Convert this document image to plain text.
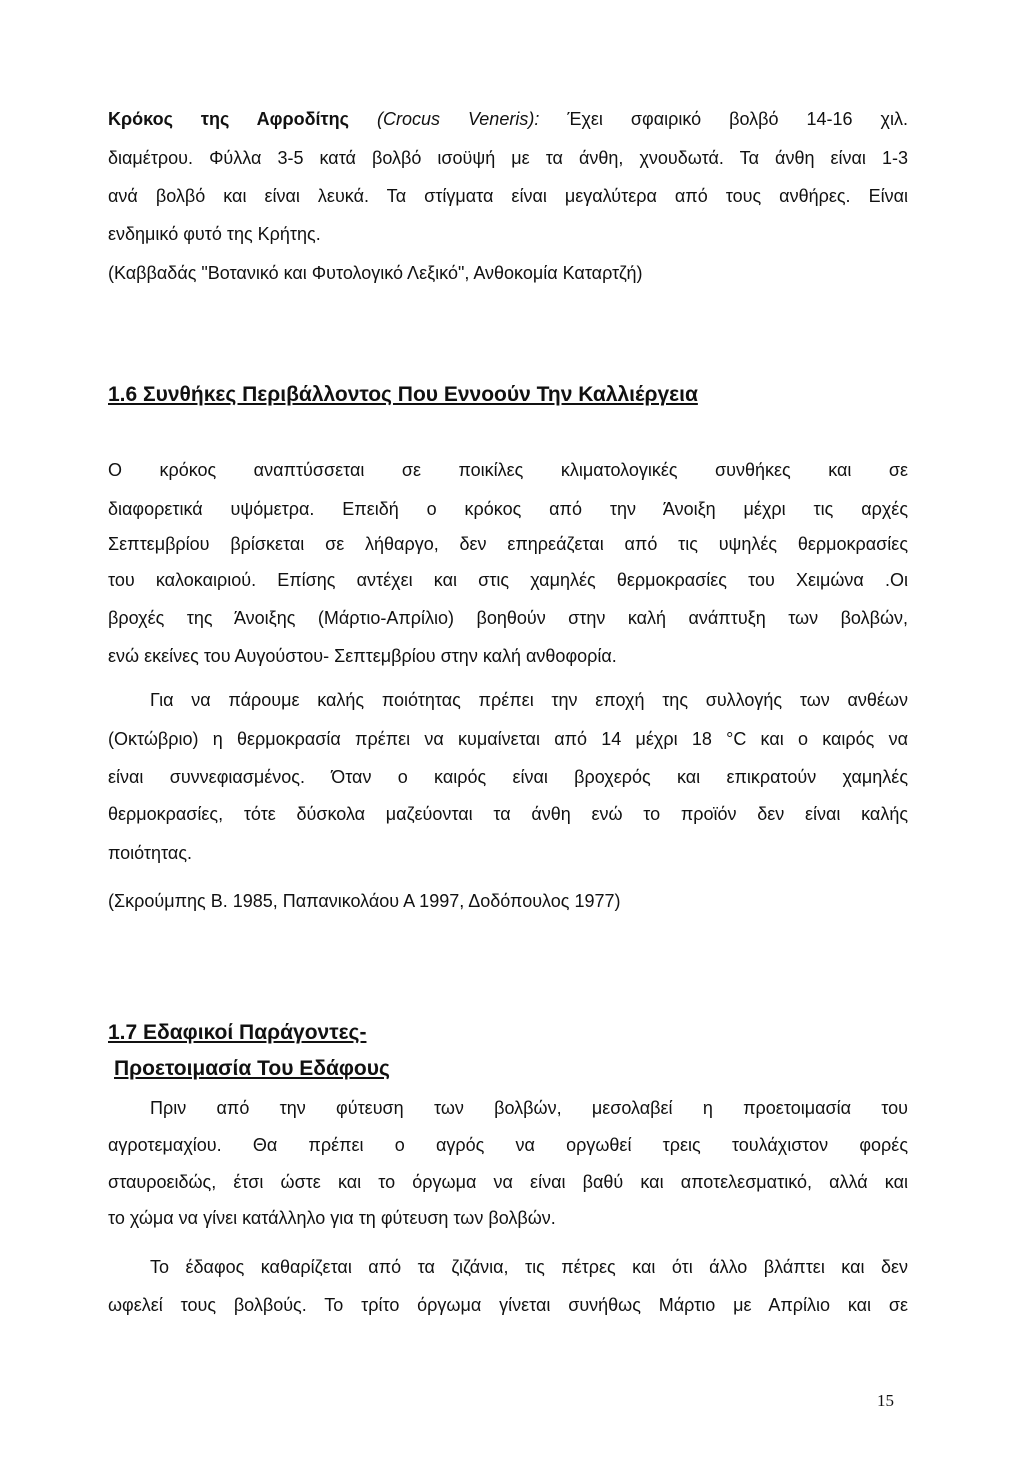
Κρόκος της Αφροδίτης (Crocus Veneris): Έχει σφαιρικό βολβό 14-16 χιλ.
διαμέτρου. Φύλλα 3-5 κατά βολβό ισοϋψή με τα άνθη, χνουδωτά. Τα άνθη είναι 1-3
ανά βολβό και είναι λευκά. Τα στίγματα είναι μεγαλύτερα από τους ανθήρες. Είναι
ενδημικό φυτό της Κρήτης.
(Καββαδάς "Βοτανικό και Φυτολογικό Λεξικό", Ανθοκομία Καταρτζή)
1.6 Συνθήκες Περιβάλλοντος Που Εννοούν Την Καλλιέργεια
Ο κρόκος αναπτύσσεται σε ποικίλες κλιματολογικές συνθήκες και σε
διαφορετικά υψόμετρα. Επειδή ο κρόκος από την Άνοιξη μέχρι τις αρχές
Σεπτεμβρίου βρίσκεται σε λήθαργο, δεν επηρεάζεται από τις υψηλές θερμοκρασίες
του καλοκαιριού. Επίσης αντέχει και στις χαμηλές θερμοκρασίες του Χειμώνα .Οι
βροχές της Άνοιξης (Μάρτιο-Απρίλιο) βοηθούν στην καλή ανάπτυξη των βολβών,
ενώ εκείνες του Αυγούστου- Σεπτεμβρίου στην καλή ανθοφορία.
Για να πάρουμε καλής ποιότητας πρέπει την εποχή της συλλογής των ανθέων
(Οκτώβριο) η θερμοκρασία πρέπει να κυμαίνεται από 14 μέχρι 18 °C και ο καιρός να
είναι συννεφιασμένος. Όταν ο καιρός είναι βροχερός και επικρατούν χαμηλές
θερμοκρασίες, τότε δύσκολα μαζεύονται τα άνθη ενώ το προϊόν δεν είναι καλής
ποιότητας.
(Σκρούμπης Β. 1985, Παπανικολάου Α 1997, Δοδόπουλος 1977)
1.7 Εδαφικοί Παράγοντες-
Προετοιμασία Του Εδάφους
Πριν από την φύτευση των βολβών, μεσολαβεί η προετοιμασία του
αγροτεμαχίου. Θα πρέπει ο αγρός να οργωθεί τρεις τουλάχιστον φορές
σταυροειδώς, έτσι ώστε και το όργωμα να είναι βαθύ και αποτελεσματικό, αλλά και
το χώμα να γίνει κατάλληλο για τη φύτευση των βολβών.
Το έδαφος καθαρίζεται από τα ζιζάνια, τις πέτρες και ότι άλλο βλάπτει και δεν
ωφελεί τους βολβούς. Το τρίτο όργωμα γίνεται συνήθως Μάρτιο με Απρίλιο και σε
15
